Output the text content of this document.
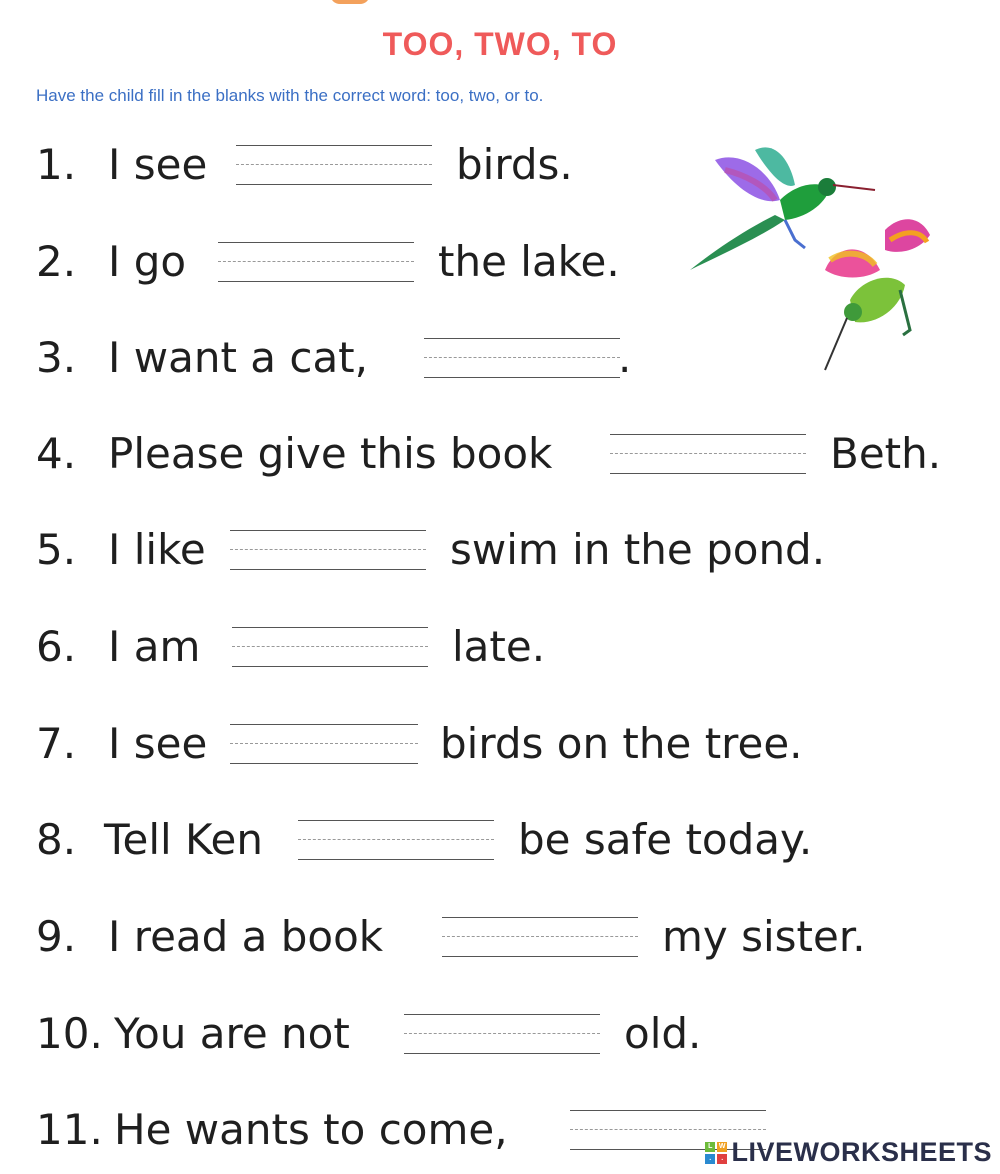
TOO, TWO, TO
Have the child fill in the blanks with the correct word: too, two, or to.
1. I see	birds.
2. I go	the lake.
3. I want a cat,	.
4. Please give this book	Beth.
5. I like	swim in the pond.
6. I am	late.
7. I see	birds on the tree.
8. Tell Ken	be safe today.
9. I read a book	my sister.
10. You are not	old.
11. He wants to come,	L W
.	. LIVEWORKSHEETS
